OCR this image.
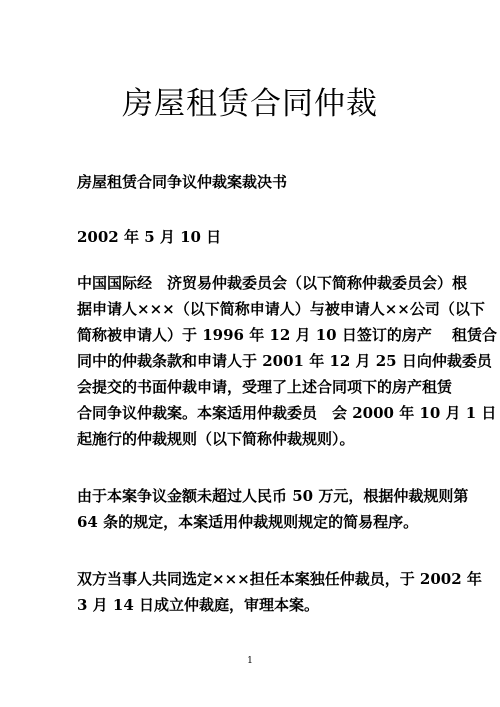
房屋租赁合同仲裁
房屋租赁合同争议仲裁案裁决书
2002 年 5 月 10 日
中国国际经　济贸易仲裁委员会（以下简称仲裁委员会）根
据申请人×××（以下简称申请人）与被申请人××公司（以下
简称被申请人）于 1996 年 12 月 10 日签订的房产　 租赁合
同中的仲裁条款和申请人于 2001 年 12 月 25 日向仲裁委员
会提交的书面仲裁申请，受理了上述合同项下的房产租赁
合同争议仲裁案。本案适用仲裁委员　会 2000 年 10 月 1 日
起施行的仲裁规则（以下简称仲裁规则）。
由于本案争议金额未超过人民币 50 万元，根据仲裁规则第
64 条的规定，本案适用仲裁规则规定的简易程序。
双方当事人共同选定×××担任本案独任仲裁员，于 2002 年
3 月 14 日成立仲裁庭，审理本案。
1
